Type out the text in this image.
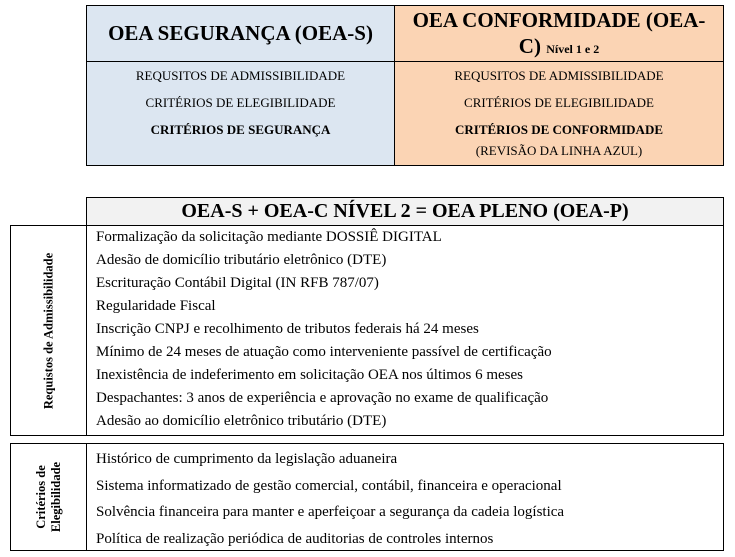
OEA SEGURANÇA (OEA-S)
REQUSITOS DE ADMISSIBILIDADE
CRITÉRIOS DE ELEGIBILIDADE
CRITÉRIOS DE SEGURANÇA
OEA CONFORMIDADE (OEA-
C) Nível 1 e 2
REQUSITOS DE ADMISSIBILIDADE
CRITÉRIOS DE ELEGIBILIDADE
CRITÉRIOS DE CONFORMIDADE
(REVISÃO DA LINHA AZUL)
OEA-S + OEA-C NÍVEL 2 = OEA PLENO (OEA-P)
Requistos de Admissibilidade
Formalização da solicitação mediante DOSSIÊ DIGITAL
Adesão de domicílio tributário eletrônico (DTE)
Escrituração Contábil Digital (IN RFB 787/07)
Regularidade Fiscal
Inscrição CNPJ e recolhimento de tributos federais há 24 meses
Mínimo de 24 meses de atuação como interveniente passível de certificação
Inexistência de indeferimento em solicitação OEA nos últimos 6 meses
Despachantes: 3 anos de experiência e aprovação no exame de qualificação
Adesão ao domicílio eletrônico tributário (DTE)
Critérios de
Elegibilidade
Histórico de cumprimento da legislação aduaneira
Sistema informatizado de gestão comercial, contábil, financeira e operacional
Solvência financeira para manter e aperfeiçoar a segurança da cadeia logística
Política de realização periódica de auditorias de controles internos
